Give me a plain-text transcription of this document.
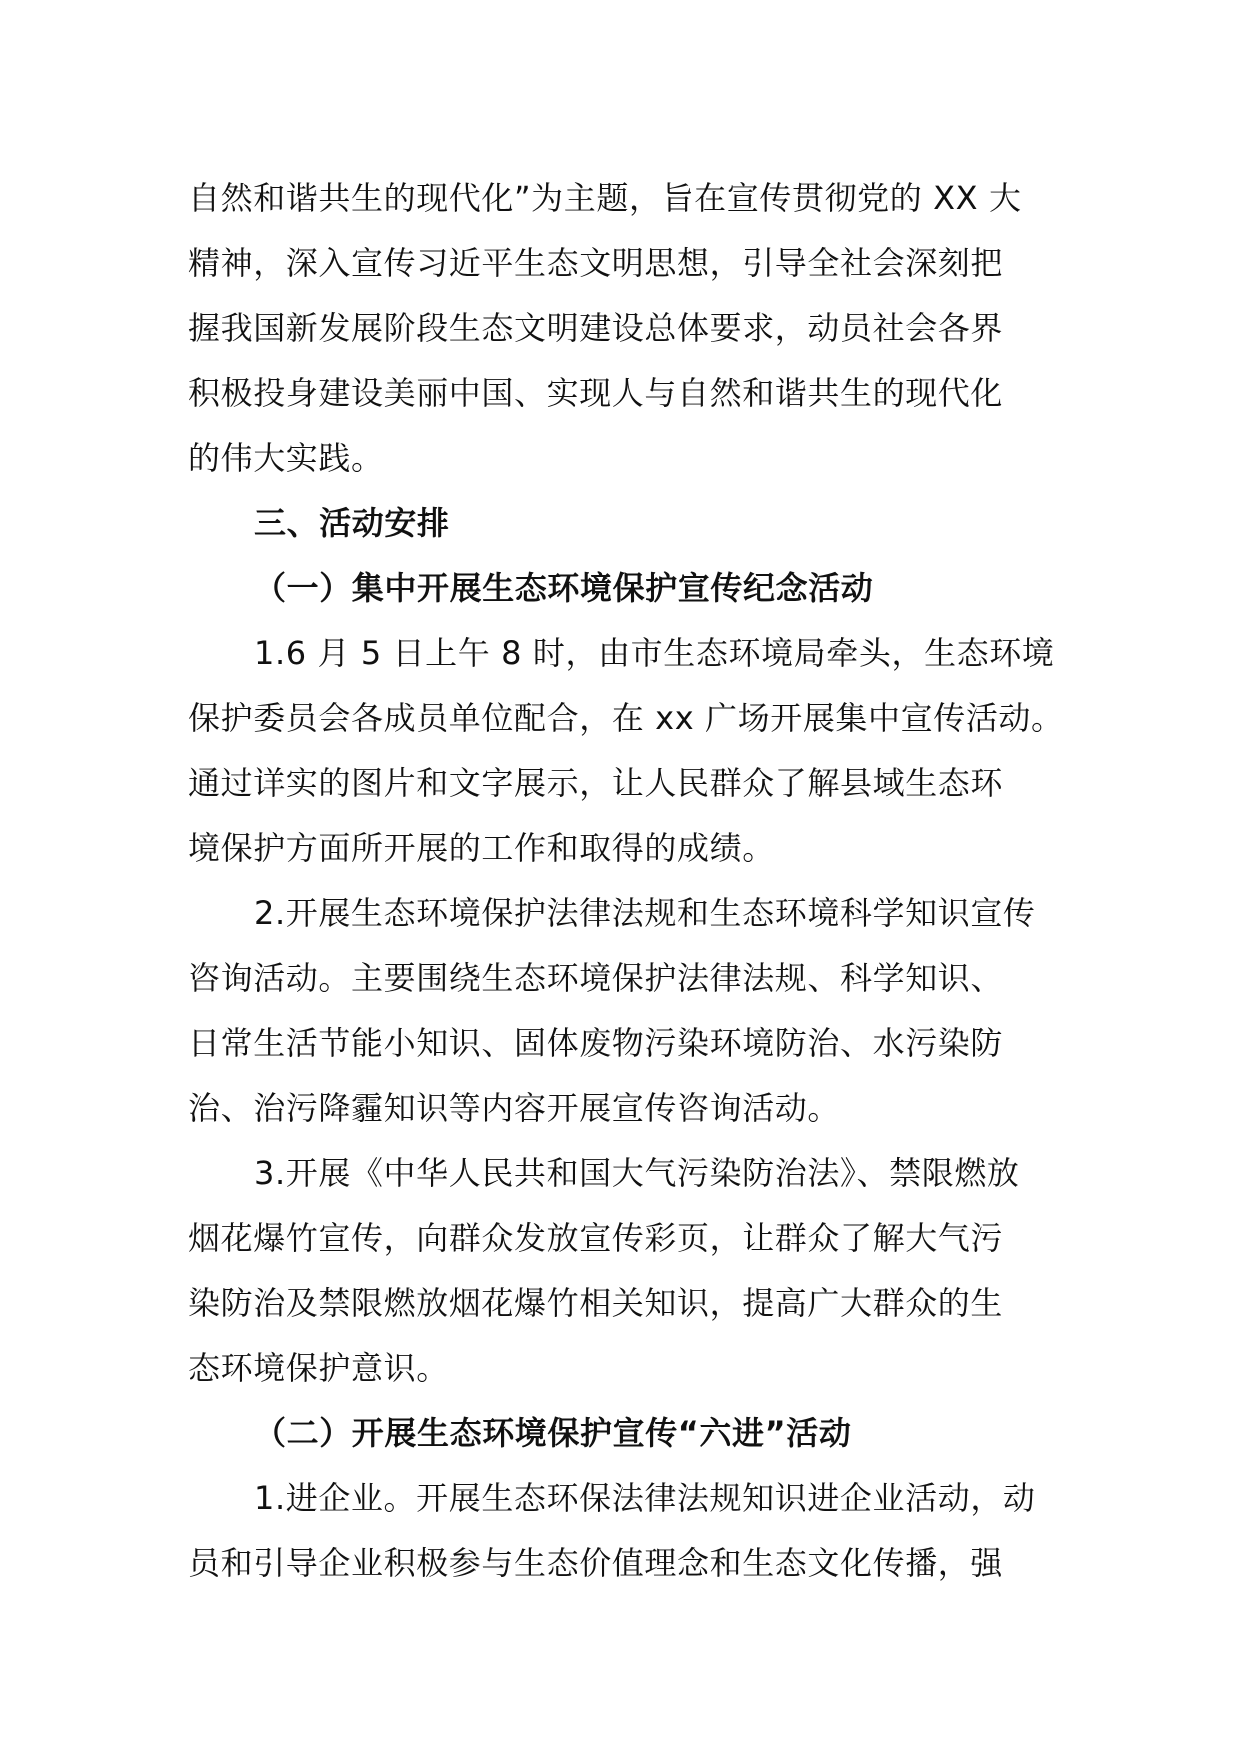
自然和谐共生的现代化”为主题，旨在宣传贯彻党的 XX 大
精神，深入宣传习近平生态文明思想，引导全社会深刻把
握我国新发展阶段生态文明建设总体要求，动员社会各界
积极投身建设美丽中国、实现人与自然和谐共生的现代化
的伟大实践。
三、活动安排
（一）集中开展生态环境保护宣传纪念活动
1.6 月 5 日上午 8 时，由市生态环境局牵头，生态环境
保护委员会各成员单位配合，在 xx 广场开展集中宣传活动。
通过详实的图片和文字展示，让人民群众了解县域生态环
境保护方面所开展的工作和取得的成绩。
2.开展生态环境保护法律法规和生态环境科学知识宣传
咨询活动。主要围绕生态环境保护法律法规、科学知识、
日常生活节能小知识、固体废物污染环境防治、水污染防
治、治污降霾知识等内容开展宣传咨询活动。
3.开展《中华人民共和国大气污染防治法》、禁限燃放
烟花爆竹宣传，向群众发放宣传彩页，让群众了解大气污
染防治及禁限燃放烟花爆竹相关知识，提高广大群众的生
态环境保护意识。
（二）开展生态环境保护宣传“六进”活动
1.进企业。开展生态环保法律法规知识进企业活动，动
员和引导企业积极参与生态价值理念和生态文化传播，强
